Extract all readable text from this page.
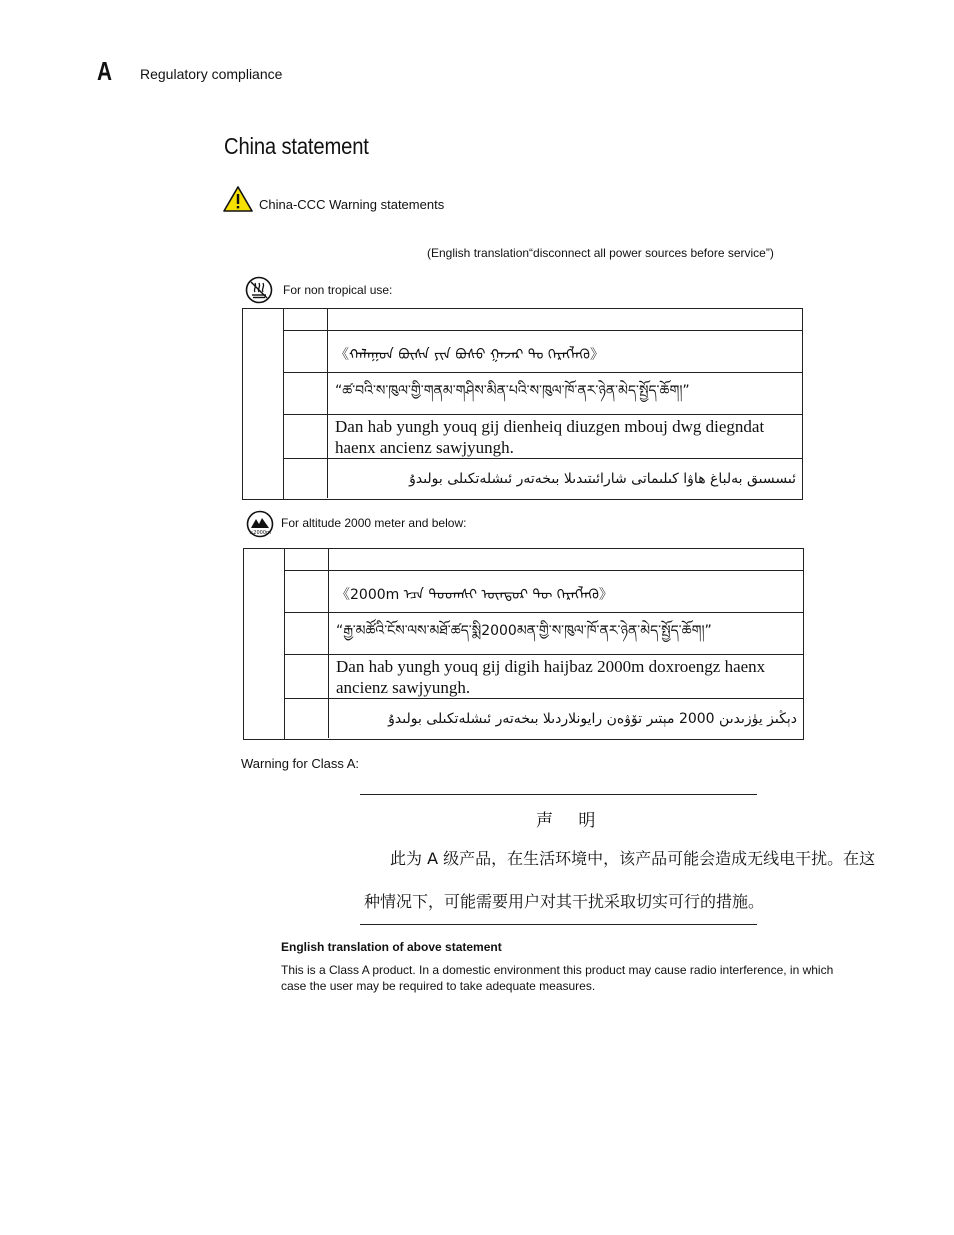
A Regulatory compliance
China statement
China-CCC Warning statements
(English translation“disconnect all power sources before service”)
For non tropical use:
《ᠬᠠᠯᠠᠭᠤᠨ ᠪᠦᠰᠡ ᠶᠢᠨ ᠪᠤᠰᠤ ᠭᠠᠵᠠᠷ ᠲᠤ ᠬᠡᠷᠡᠭᠯᠡᠬᠦ》
“ཚ་བའི་ས་ཁུལ་གྱི་གནམ་གཤིས་མིན་པའི་ས་ཁུལ་ཁོ་ནར་ཉེན་མེད་སྤྱོད་ཆོག།”
Dan hab yungh youq gij dienheiq diuzgen mbouj dwg diegndat haenx ancienz sawjyungh.
ئىسسىق بەلباغ ھاۋا كىلىماتى شارائىتىدىلا بىخەتەر ئىشلەتكىلى بولىدۇ
≤2000m
For altitude 2000 meter and below:
《2000m ᠡᠴᠡ ᠳᠣᠣᠭᠰᠢ ᠥᠨᠳᠥᠷ ᠲᠦ ᠬᠡᠷᠡᠭᠯᠡᠬᠦ》
“རྒྱ་མཚོའི་ངོས་ལས་མཐོ་ཚད་སྨི2000མན་གྱི་ས་ཁུལ་ཁོ་ནར་ཉེན་མེད་སྤྱོད་ཆོག།”
Dan hab yungh youq gij digih haijbaz 2000m doxroengz haenx ancienz sawjyungh.
دېڭىز يۈزىدىن 2000 مېتىر تۆۋەن رايونلاردىلا بىخەتەر ئىشلەتكىلى بولىدۇ
Warning for Class A:
声 明
此为 A 级产品，在生活环境中，该产品可能会造成无线电干扰。在这
种情况下，可能需要用户对其干扰采取切实可行的措施。
English translation of above statement
This is a Class A product. In a domestic environment this product may cause radio interference, in which case the user may be required to take adequate measures.
